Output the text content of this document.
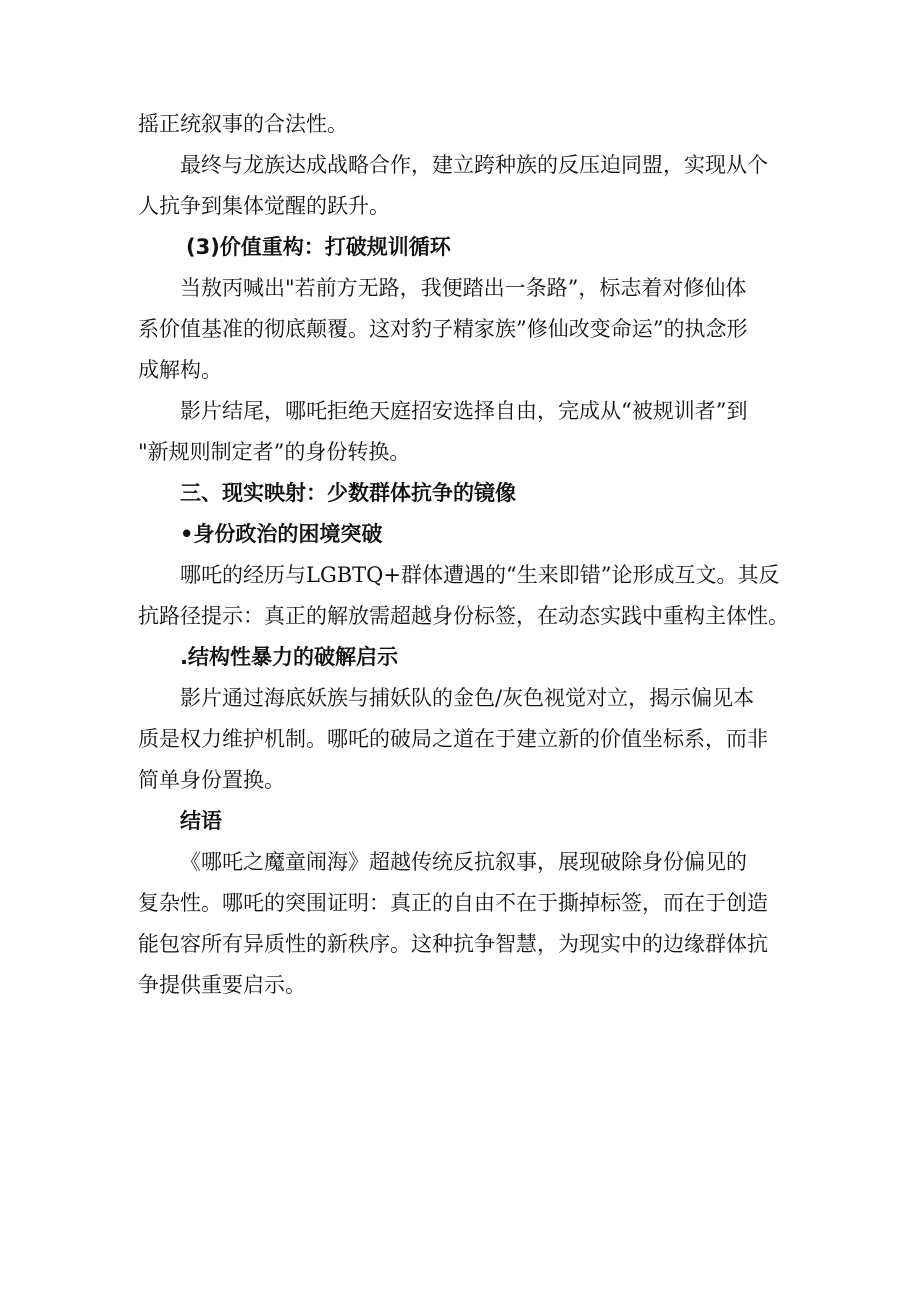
摇正统叙事的合法性。
最终与龙族达成战略合作，建立跨种族的反压迫同盟，实现从个
人抗争到集体觉醒的跃升。
(3)价值重构：打破规训循环
当敖丙喊出"若前方无路，我便踏出一条路”，标志着对修仙体
系价值基准的彻底颠覆。这对豹子精家族”修仙改变命运”的执念形
成解构。
影片结尾，哪吒拒绝天庭招安选择自由，完成从“被规训者”到
"新规则制定者”的身份转换。
三、现实映射：少数群体抗争的镜像
•身份政治的困境突破
哪吒的经历与LGBTQ+群体遭遇的“生来即错”论形成互文。其反
抗路径提示：真正的解放需超越身份标签，在动态实践中重构主体性。
.结构性暴力的破解启示
影片通过海底妖族与捕妖队的金色/灰色视觉对立，揭示偏见本
质是权力维护机制。哪吒的破局之道在于建立新的价值坐标系，而非
简单身份置换。
结语
《哪吒之魔童闹海》超越传统反抗叙事，展现破除身份偏见的
复杂性。哪吒的突围证明：真正的自由不在于撕掉标签，而在于创造
能包容所有异质性的新秩序。这种抗争智慧，为现实中的边缘群体抗
争提供重要启示。
